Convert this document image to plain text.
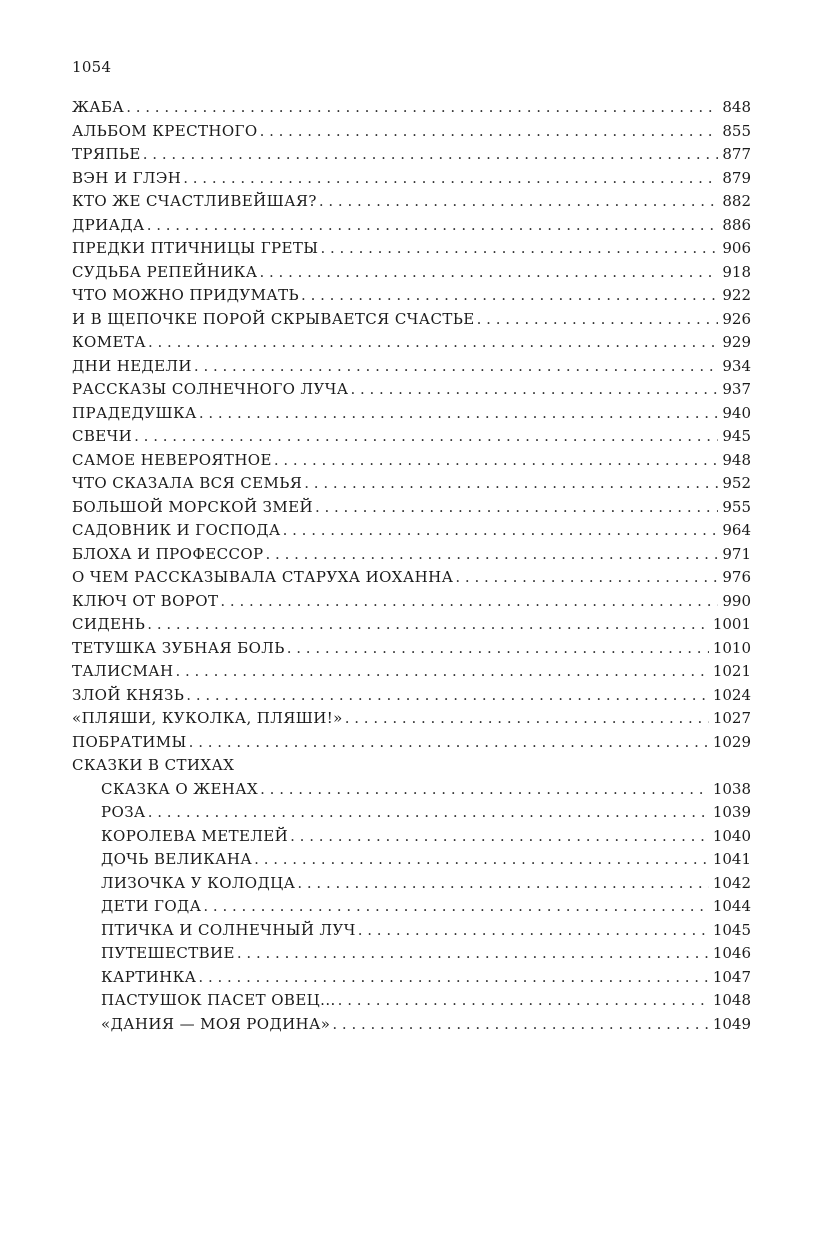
1054
ЖАБА . . .	848
АЛЬБОМ КРЕСТНОГО . . .	855
ТРЯПЬЕ . . .	877
ВЭН И ГЛЭН . . .	879
КТО ЖЕ СЧАСТЛИВЕЙШАЯ? . . .	882
ДРИАДА . . .	886
ПРЕДКИ ПТИЧНИЦЫ ГРЕТЫ . . .	906
СУДЬБА РЕПЕЙНИКА . . .	918
ЧТО МОЖНО ПРИДУМАТЬ . . .	922
И В ЩЕПОЧКЕ ПОРОЙ СКРЫВАЕТСЯ СЧАСТЬЕ . . .	926
КОМЕТА . . .	929
ДНИ НЕДЕЛИ . . .	934
РАССКАЗЫ СОЛНЕЧНОГО ЛУЧА . . .	937
ПРАДЕДУШКА . . .	940
СВЕЧИ . . .	945
САМОЕ НЕВЕРОЯТНОЕ . . .	948
ЧТО СКАЗАЛА ВСЯ СЕМЬЯ . . .	952
БОЛЬШОЙ МОРСКОЙ ЗМЕЙ . . .	955
САДОВНИК И ГОСПОДА . . .	964
БЛОХА И ПРОФЕССОР . . .	971
О ЧЕМ РАССКАЗЫВАЛА СТАРУХА ИОХАННА . . .	976
КЛЮЧ ОТ ВОРОТ . . .	990
СИДЕНЬ . . .	1001
ТЕТУШКА ЗУБНАЯ БОЛЬ . . .	1010
ТАЛИСМАН . . .	1021
ЗЛОЙ КНЯЗЬ . . .	1024
«ПЛЯШИ, КУКОЛКА, ПЛЯШИ!» . . .	1027
ПОБРАТИМЫ . . .	1029
СКАЗКИ В СТИХАХ
СКАЗКА О ЖЕНАХ . . .	1038
РОЗА . . .	1039
КОРОЛЕВА МЕТЕЛЕЙ . . .	1040
ДОЧЬ ВЕЛИКАНА . . .	1041
ЛИЗОЧКА У КОЛОДЦА . . .	1042
ДЕТИ ГОДА . . .	1044
ПТИЧКА И СОЛНЕЧНЫЙ ЛУЧ . . .	1045
ПУТЕШЕСТВИЕ . . .	1046
КАРТИНКА . . .	1047
ПАСТУШОК ПАСЕТ ОВЕЦ... . . .	1048
«ДАНИЯ — МОЯ РОДИНА» . . .	1049
